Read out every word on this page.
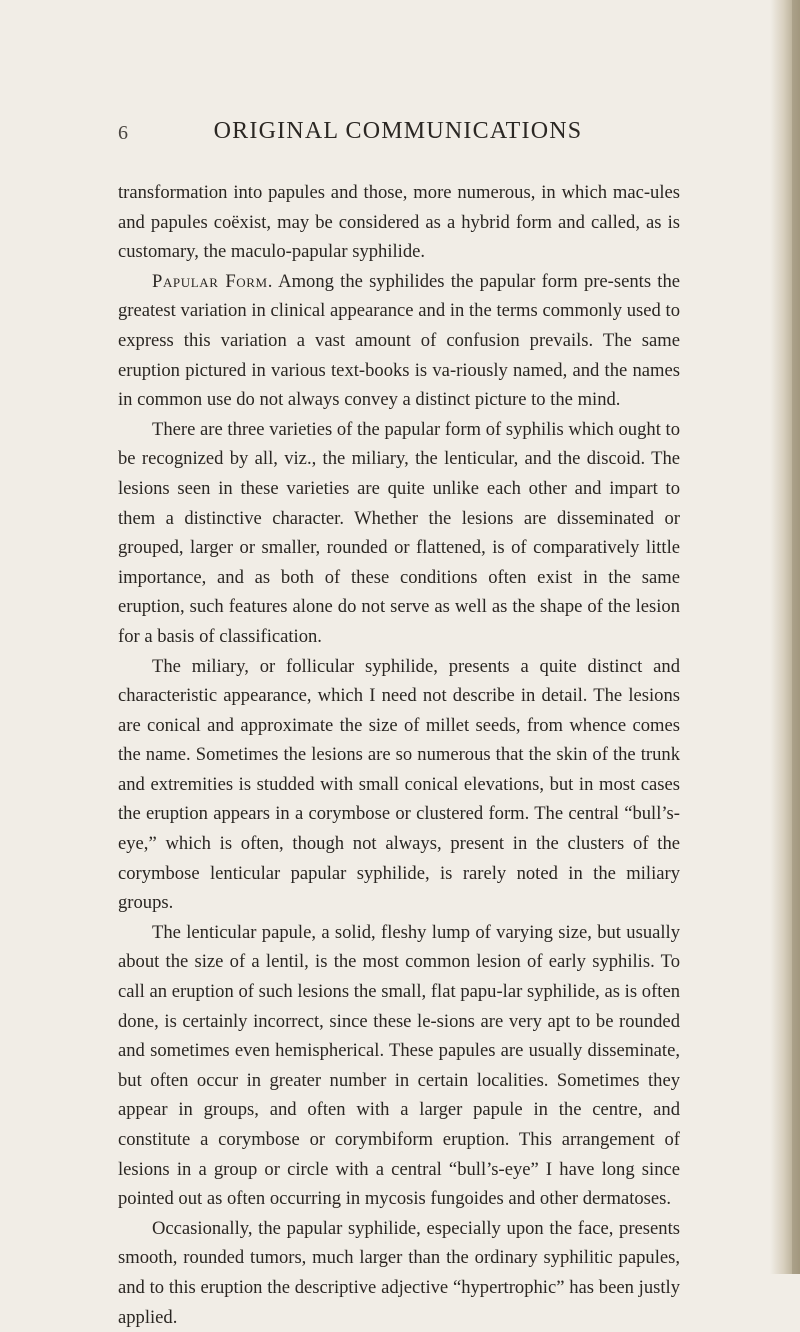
6	ORIGINAL COMMUNICATIONS

transformation into papules and those, more numerous, in which mac-ules and papules coëxist, may be considered as a hybrid form and called, as is customary, the maculo-papular syphilide.

Papular Form. Among the syphilides the papular form pre-sents the greatest variation in clinical appearance and in the terms commonly used to express this variation a vast amount of confusion prevails. The same eruption pictured in various text-books is va-riously named, and the names in common use do not always convey a distinct picture to the mind.

There are three varieties of the papular form of syphilis which ought to be recognized by all, viz., the miliary, the lenticular, and the discoid. The lesions seen in these varieties are quite unlike each other and impart to them a distinctive character. Whether the lesions are disseminated or grouped, larger or smaller, rounded or flattened, is of comparatively little importance, and as both of these conditions often exist in the same eruption, such features alone do not serve as well as the shape of the lesion for a basis of classification.

The miliary, or follicular syphilide, presents a quite distinct and characteristic appearance, which I need not describe in detail. The lesions are conical and approximate the size of millet seeds, from whence comes the name. Sometimes the lesions are so numerous that the skin of the trunk and extremities is studded with small conical elevations, but in most cases the eruption appears in a corymbose or clustered form. The central “bull’s-eye,” which is often, though not always, present in the clusters of the corymbose lenticular papular syphilide, is rarely noted in the miliary groups.

The lenticular papule, a solid, fleshy lump of varying size, but usually about the size of a lentil, is the most common lesion of early syphilis. To call an eruption of such lesions the small, flat papu-lar syphilide, as is often done, is certainly incorrect, since these le-sions are very apt to be rounded and sometimes even hemispherical. These papules are usually disseminate, but often occur in greater number in certain localities. Sometimes they appear in groups, and often with a larger papule in the centre, and constitute a corymbose or corymbiform eruption. This arrangement of lesions in a group or circle with a central “bull’s-eye” I have long since pointed out as often occurring in mycosis fungoides and other dermatoses.

Occasionally, the papular syphilide, especially upon the face, presents smooth, rounded tumors, much larger than the ordinary syphilitic papules, and to this eruption the descriptive adjective “hypertrophic” has been justly applied.
